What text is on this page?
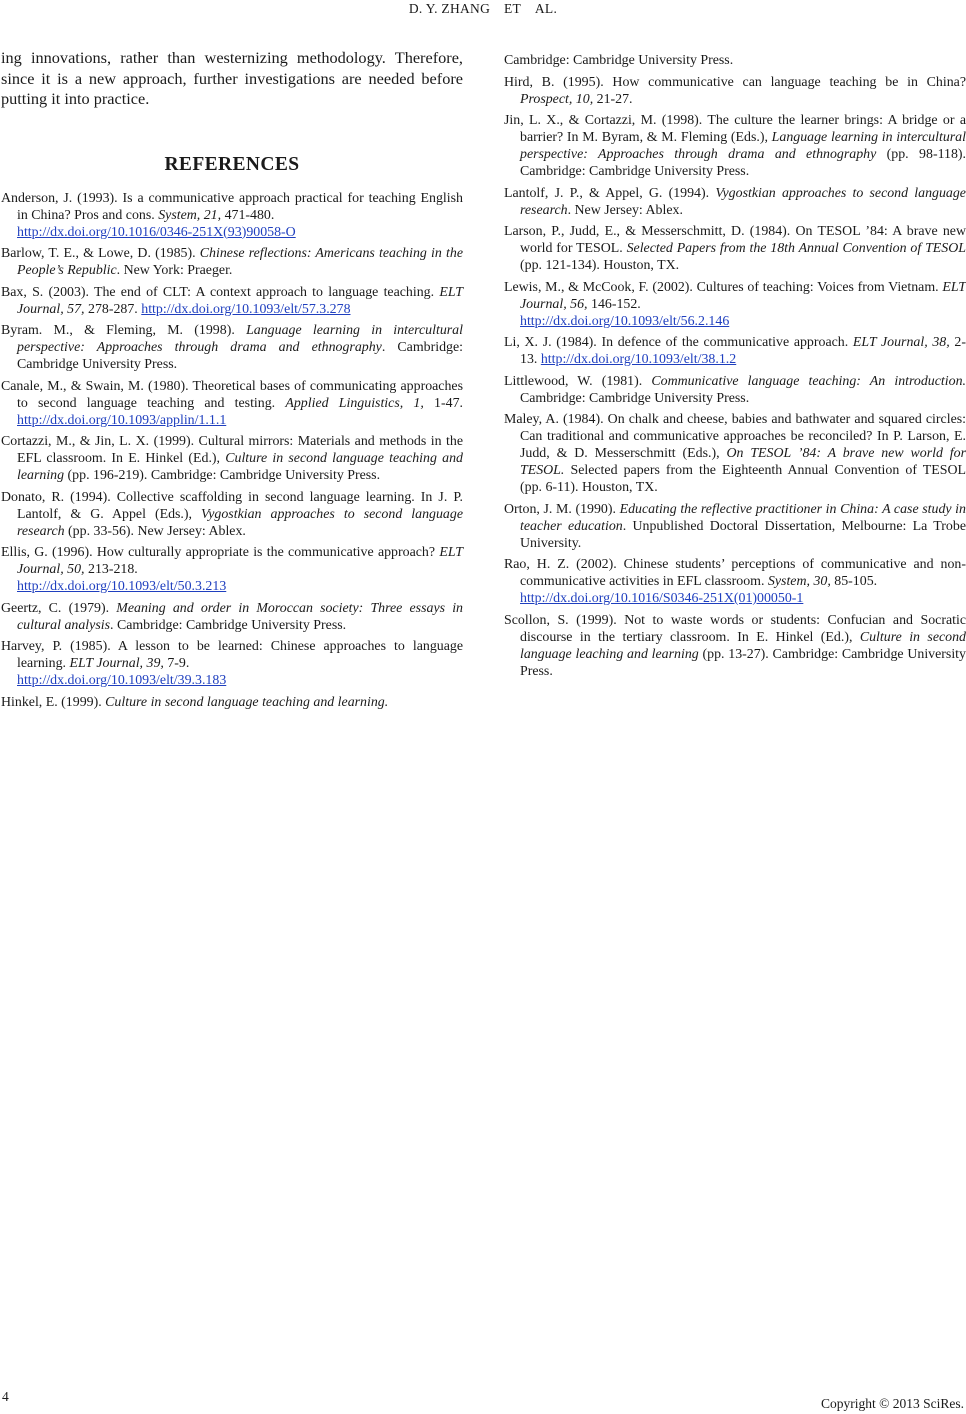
D. Y. ZHANG ET AL.

ing innovations, rather than westernizing methodology. Therefore, since it is a new approach, further investigations are needed before putting it into practice.

REFERENCES

Anderson, J. (1993). Is a communicative approach practical for teaching English in China? Pros and cons. System, 21, 471-480.
http://dx.doi.org/10.1016/0346-251X(93)90058-O

Barlow, T. E., & Lowe, D. (1985). Chinese reflections: Americans teaching in the People’s Republic. New York: Praeger.

Bax, S. (2003). The end of CLT: A context approach to language teaching. ELT Journal, 57, 278-287. http://dx.doi.org/10.1093/elt/57.3.278

Byram. M., & Fleming, M. (1998). Language learning in intercultural perspective: Approaches through drama and ethnography. Cambridge: Cambridge University Press.

Canale, M., & Swain, M. (1980). Theoretical bases of communicating approaches to second language teaching and testing. Applied Linguistics, 1, 1-47. http://dx.doi.org/10.1093/applin/1.1.1

Cortazzi, M., & Jin, L. X. (1999). Cultural mirrors: Materials and methods in the EFL classroom. In E. Hinkel (Ed.), Culture in second language teaching and learning (pp. 196-219). Cambridge: Cambridge University Press.

Donato, R. (1994). Collective scaffolding in second language learning. In J. P. Lantolf, & G. Appel (Eds.), Vygostkian approaches to second language research (pp. 33-56). New Jersey: Ablex.

Ellis, G. (1996). How culturally appropriate is the communicative approach? ELT Journal, 50, 213-218.
http://dx.doi.org/10.1093/elt/50.3.213

Geertz, C. (1979). Meaning and order in Moroccan society: Three essays in cultural analysis. Cambridge: Cambridge University Press.

Harvey, P. (1985). A lesson to be learned: Chinese approaches to language learning. ELT Journal, 39, 7-9.
http://dx.doi.org/10.1093/elt/39.3.183

Hinkel, E. (1999). Culture in second language teaching and learning.

Cambridge: Cambridge University Press.

Hird, B. (1995). How communicative can language teaching be in China? Prospect, 10, 21-27.

Jin, L. X., & Cortazzi, M. (1998). The culture the learner brings: A bridge or a barrier? In M. Byram, & M. Fleming (Eds.), Language learning in intercultural perspective: Approaches through drama and ethnography (pp. 98-118). Cambridge: Cambridge University Press.

Lantolf, J. P., & Appel, G. (1994). Vygostkian approaches to second language research. New Jersey: Ablex.

Larson, P., Judd, E., & Messerschmitt, D. (1984). On TESOL ’84: A brave new world for TESOL. Selected Papers from the 18th Annual Convention of TESOL (pp. 121-134). Houston, TX.

Lewis, M., & McCook, F. (2002). Cultures of teaching: Voices from Vietnam. ELT Journal, 56, 146-152.
http://dx.doi.org/10.1093/elt/56.2.146

Li, X. J. (1984). In defence of the communicative approach. ELT Journal, 38, 2-13. http://dx.doi.org/10.1093/elt/38.1.2

Littlewood, W. (1981). Communicative language teaching: An introduction. Cambridge: Cambridge University Press.

Maley, A. (1984). On chalk and cheese, babies and bathwater and squared circles: Can traditional and communicative approaches be reconciled? In P. Larson, E. Judd, & D. Messerschmitt (Eds.), On TESOL ’84: A brave new world for TESOL. Selected papers from the Eighteenth Annual Convention of TESOL (pp. 6-11). Houston, TX.

Orton, J. M. (1990). Educating the reflective practitioner in China: A case study in teacher education. Unpublished Doctoral Dissertation, Melbourne: La Trobe University.

Rao, H. Z. (2002). Chinese students’ perceptions of communicative and non-communicative activities in EFL classroom. System, 30, 85-105.
http://dx.doi.org/10.1016/S0346-251X(01)00050-1

Scollon, S. (1999). Not to waste words or students: Confucian and Socratic discourse in the tertiary classroom. In E. Hinkel (Ed.), Culture in second language leaching and learning (pp. 13-27). Cambridge: Cambridge University Press.

4	Copyright © 2013 SciRes.
